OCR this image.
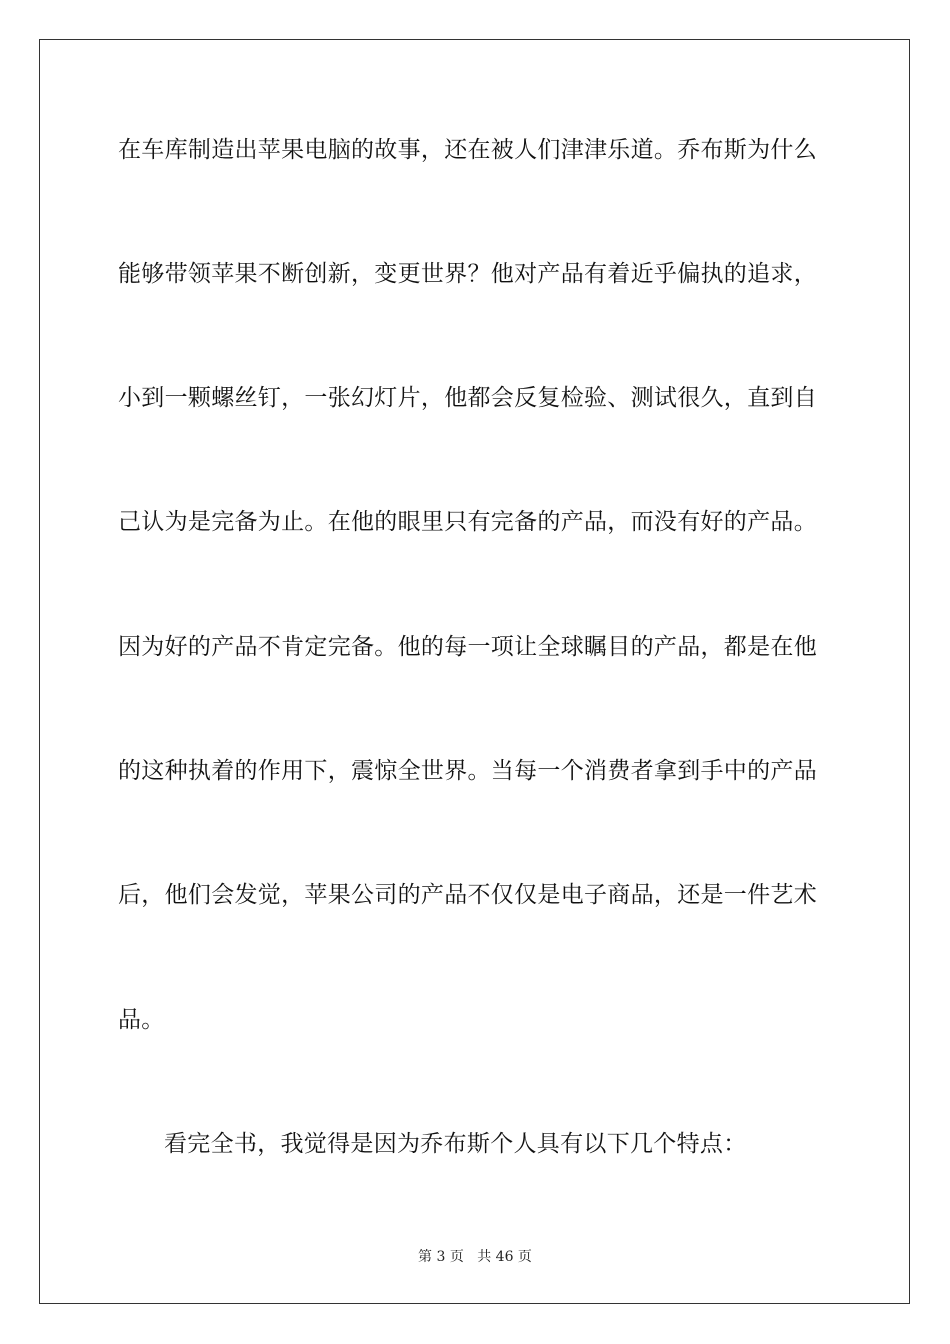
在车库制造出苹果电脑的故事，还在被人们津津乐道。乔布斯为什么
能够带领苹果不断创新，变更世界？他对产品有着近乎偏执的追求，
小到一颗螺丝钉，一张幻灯片，他都会反复检验、测试很久，直到自
己认为是完备为止。在他的眼里只有完备的产品，而没有好的产品。
因为好的产品不肯定完备。他的每一项让全球瞩目的产品，都是在他
的这种执着的作用下，震惊全世界。当每一个消费者拿到手中的产品
后，他们会发觉，苹果公司的产品不仅仅是电子商品，还是一件艺术
品。
看完全书，我觉得是因为乔布斯个人具有以下几个特点：
第 3 页 共 46 页
